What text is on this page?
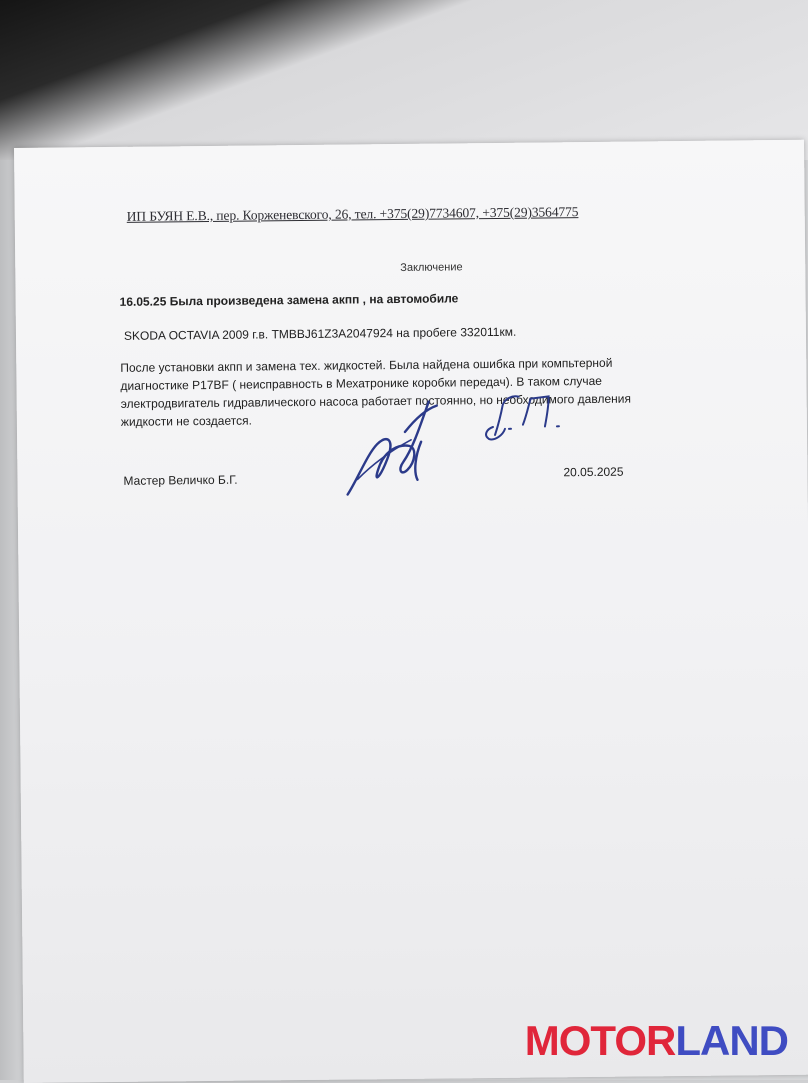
ИП БУЯН Е.В., пер. Корженевского, 26, тел. +375(29)7734607, +375(29)3564775
Заключение
16.05.25 Была произведена замена акпп , на автомобиле
SKODA OCTAVIA 2009 г.в. TMBBJ61Z3A2047924 на пробеге 332011км.
После установки акпп и замена тех. жидкостей. Была найдена ошибка при компьтерной
диагностике P17BF ( неисправность в Мехатронике коробки передач). В таком случае
электродвигатель гидравлического насоса работает постоянно, но необходимого давления
жидкости не создается.
Мастер Величко Б.Г.
20.05.2025
MOTORLAND
